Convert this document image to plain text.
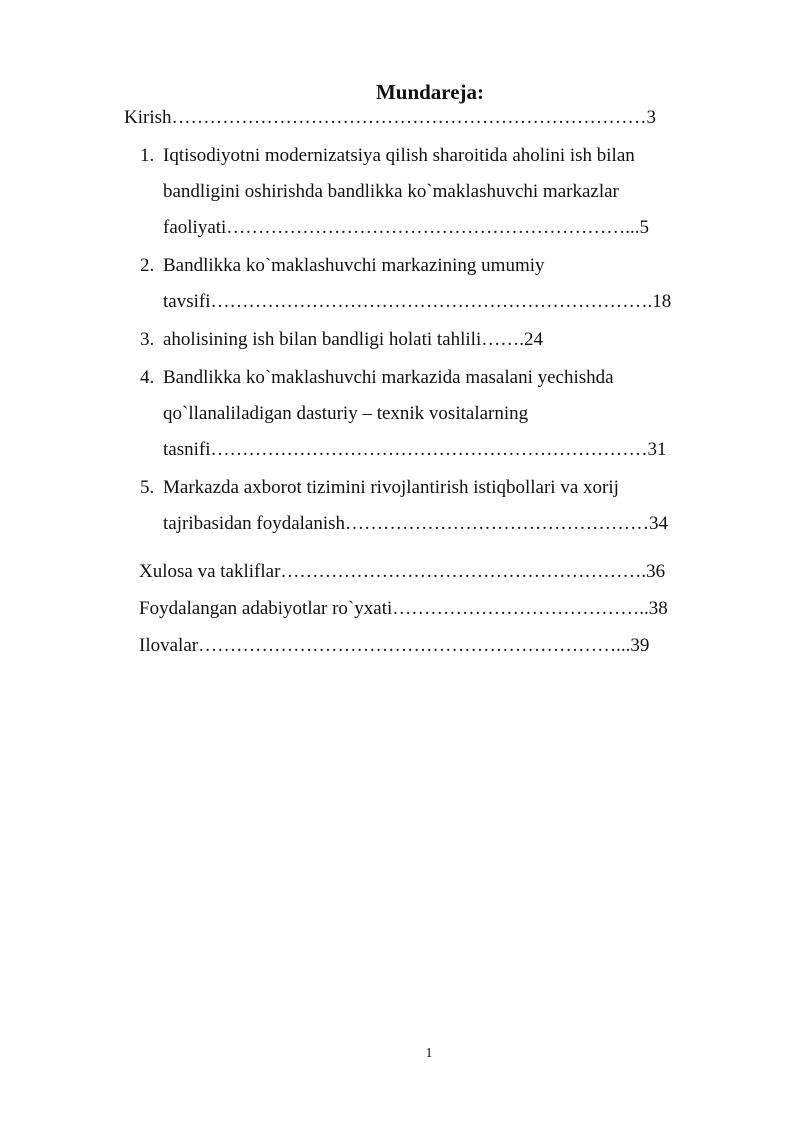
Mundareja:
Kirish…………………………………………………………………3
1. Iqtisodiyotni modernizatsiya qilish sharoitida aholini ish bilan
bandligini oshirishda bandlikka ko`maklashuvchi markazlar
faoliyati………………………………………………………...5
2. Bandlikka ko`maklashuvchi markazining umumiy
tavsifi…………………………………………………………….18
3. aholisining ish bilan bandligi holati tahlili…….24
4. Bandlikka ko`maklashuvchi markazida masalani yechishda
qo`llanaliladigan dasturiy – texnik vositalarning
tasnifi……………………………………………………………31
5. Markazda axborot tizimini rivojlantirish istiqbollari va xorij
tajribasidan foydalanish…………………………………………34
Xulosa va takliflar………………………………………………….36
Foydalangan adabiyotlar ro`yxati…………………………………..38
Ilovalar…………………………………………………………...39
1
